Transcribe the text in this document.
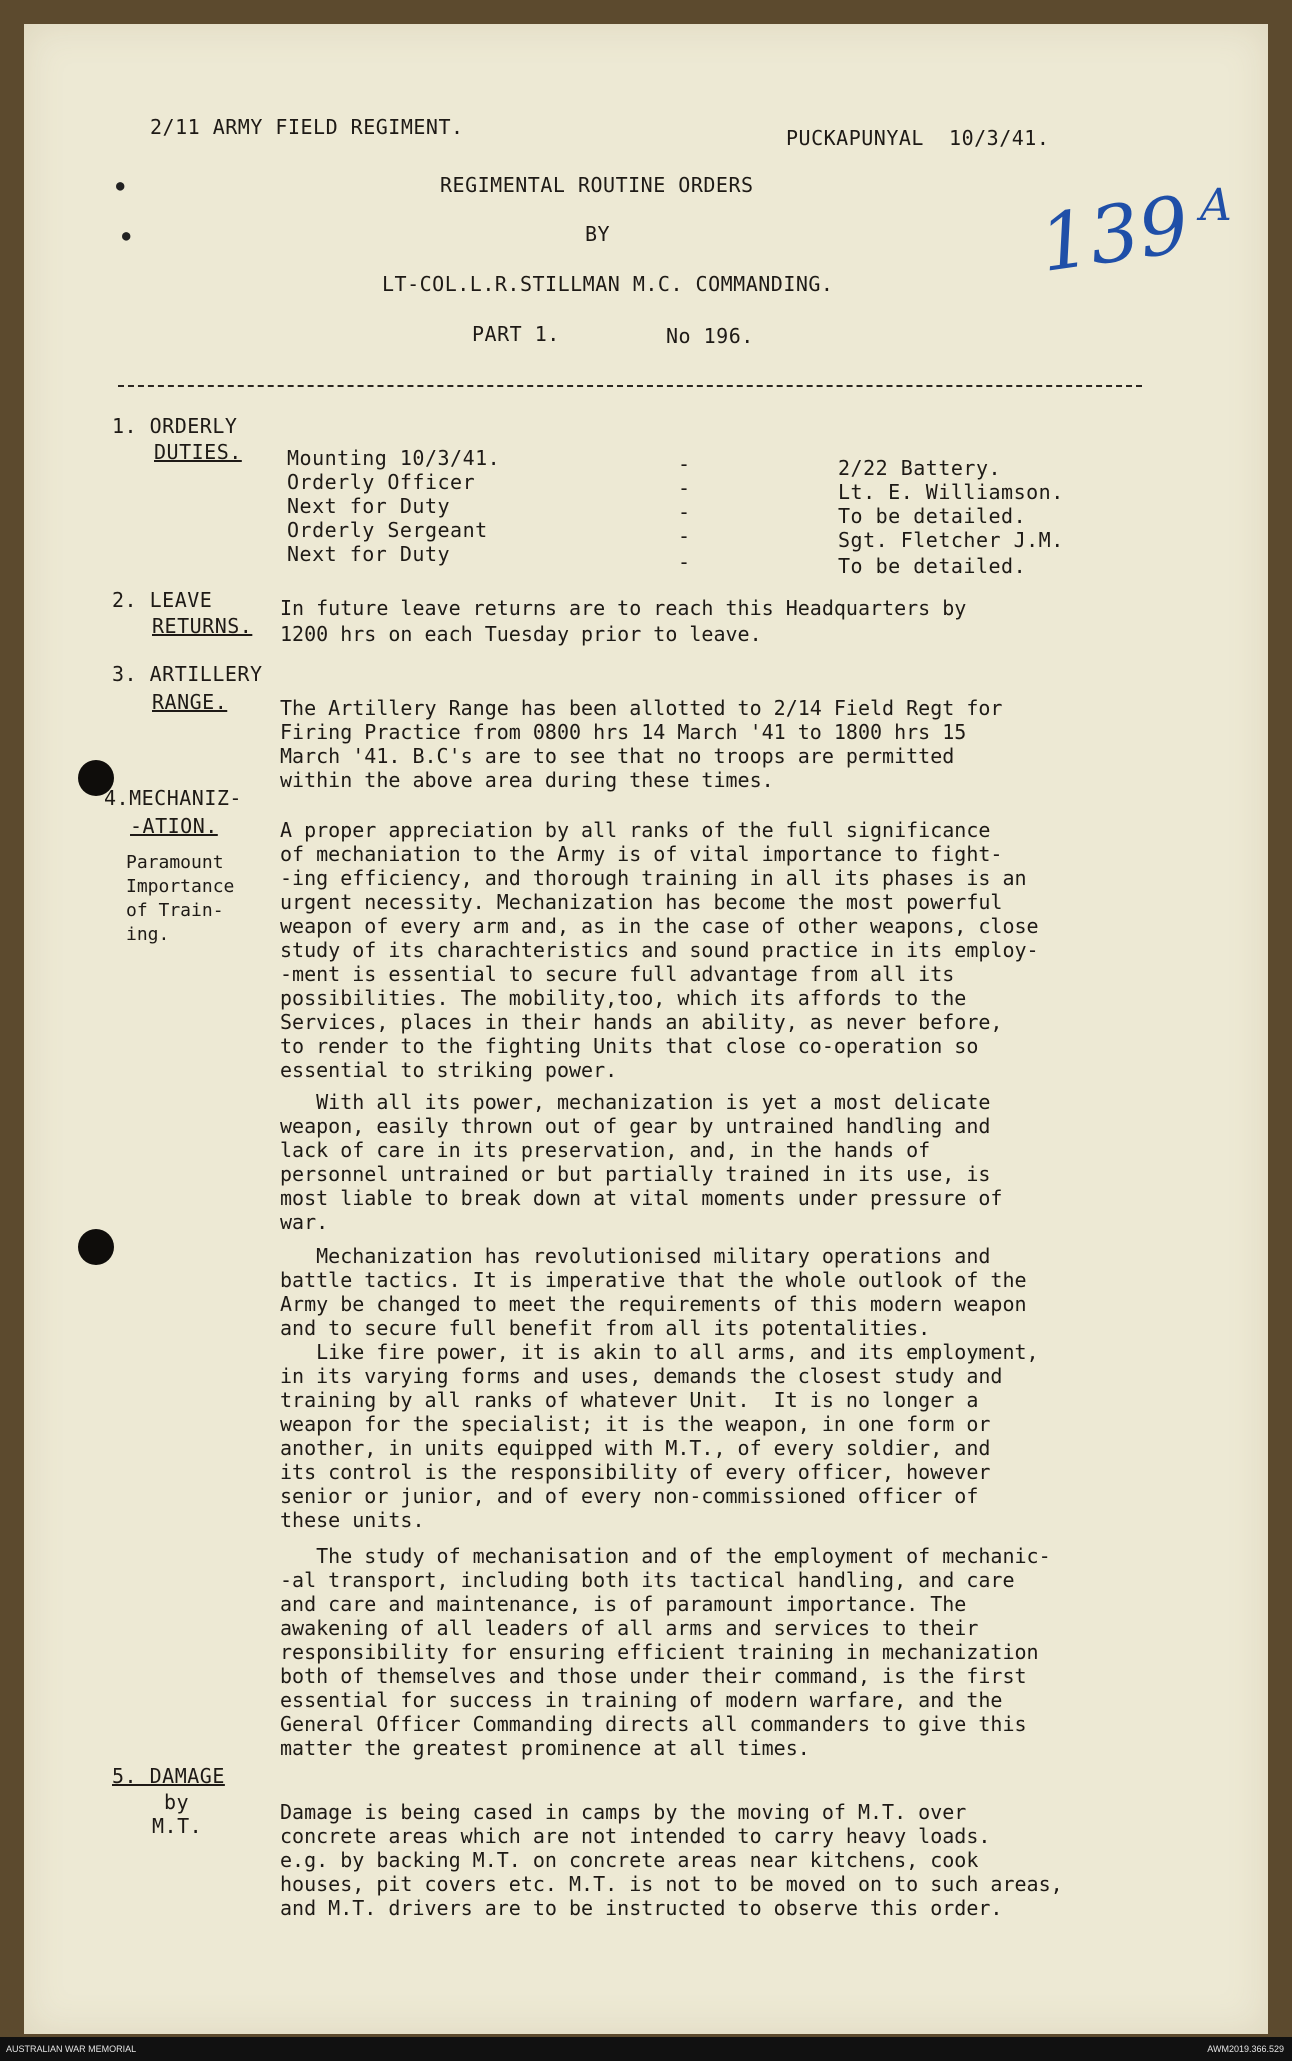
●
●
2/11 ARMY FIELD REGIMENT.	PUCKAPUNYAL  10/3/41.
REGIMENTAL ROUTINE ORDERS
BY
LT-COL.L.R.STILLMAN M.C. COMMANDING.
PART 1.	No 196.
139 A
1. ORDERLY
DUTIES. Mounting 10/3/41.	-	2/22 Battery.
Orderly Officer	-	Lt. E. Williamson.
Next for Duty	-	To be detailed.
Orderly Sergeant	-	Sgt. Fletcher J.M.
Next for Duty	-	To be detailed.
2. LEAVE
RETURNS.
In future leave returns are to reach this Headquarters by
1200 hrs on each Tuesday prior to leave.
3. ARTILLERY
RANGE.	The Artillery Range has been allotted to 2/14 Field Regt for
Firing Practice from 0800 hrs 14 March '41 to 1800 hrs 15
March '41. B.C's are to see that no troops are permitted
within the above area during these times.
4.MECHANIZ-
-ATION.
Paramount
Importance
of Train-
ing.
A proper appreciation by all ranks of the full significance
of mechaniation to the Army is of vital importance to fight-
-ing efficiency, and thorough training in all its phases is an
urgent necessity. Mechanization has become the most powerful
weapon of every arm and, as in the case of other weapons, close
study of its charachteristics and sound practice in its employ-
-ment is essential to secure full advantage from all its
possibilities. The mobility,too, which its affords to the
Services, places in their hands an ability, as never before,
to render to the fighting Units that close co-operation so
essential to striking power.
With all its power, mechanization is yet a most delicate
weapon, easily thrown out of gear by untrained handling and
lack of care in its preservation, and, in the hands of
personnel untrained or but partially trained in its use, is
most liable to break down at vital moments under pressure of
war.
Mechanization has revolutionised military operations and
battle tactics. It is imperative that the whole outlook of the
Army be changed to meet the requirements of this modern weapon
and to secure full benefit from all its potentalities.
Like fire power, it is akin to all arms, and its employment,
in its varying forms and uses, demands the closest study and
training by all ranks of whatever Unit.  It is no longer a
weapon for the specialist; it is the weapon, in one form or
another, in units equipped with M.T., of every soldier, and
its control is the responsibility of every officer, however
senior or junior, and of every non-commissioned officer of
these units.
The study of mechanisation and of the employment of mechanic-
-al transport, including both its tactical handling, and care
and care and maintenance, is of paramount importance. The
awakening of all leaders of all arms and services to their
responsibility for ensuring efficient training in mechanization
both of themselves and those under their command, is the first
essential for success in training of modern warfare, and the
General Officer Commanding directs all commanders to give this
matter the greatest prominence at all times.
5. DAMAGE
by
M.T.
Damage is being cased in camps by the moving of M.T. over
concrete areas which are not intended to carry heavy loads.
e.g. by backing M.T. on concrete areas near kitchens, cook
houses, pit covers etc. M.T. is not to be moved on to such areas,
and M.T. drivers are to be instructed to observe this order.
AUSTRALIAN WAR MEMORIAL	AWM2019.366.529
